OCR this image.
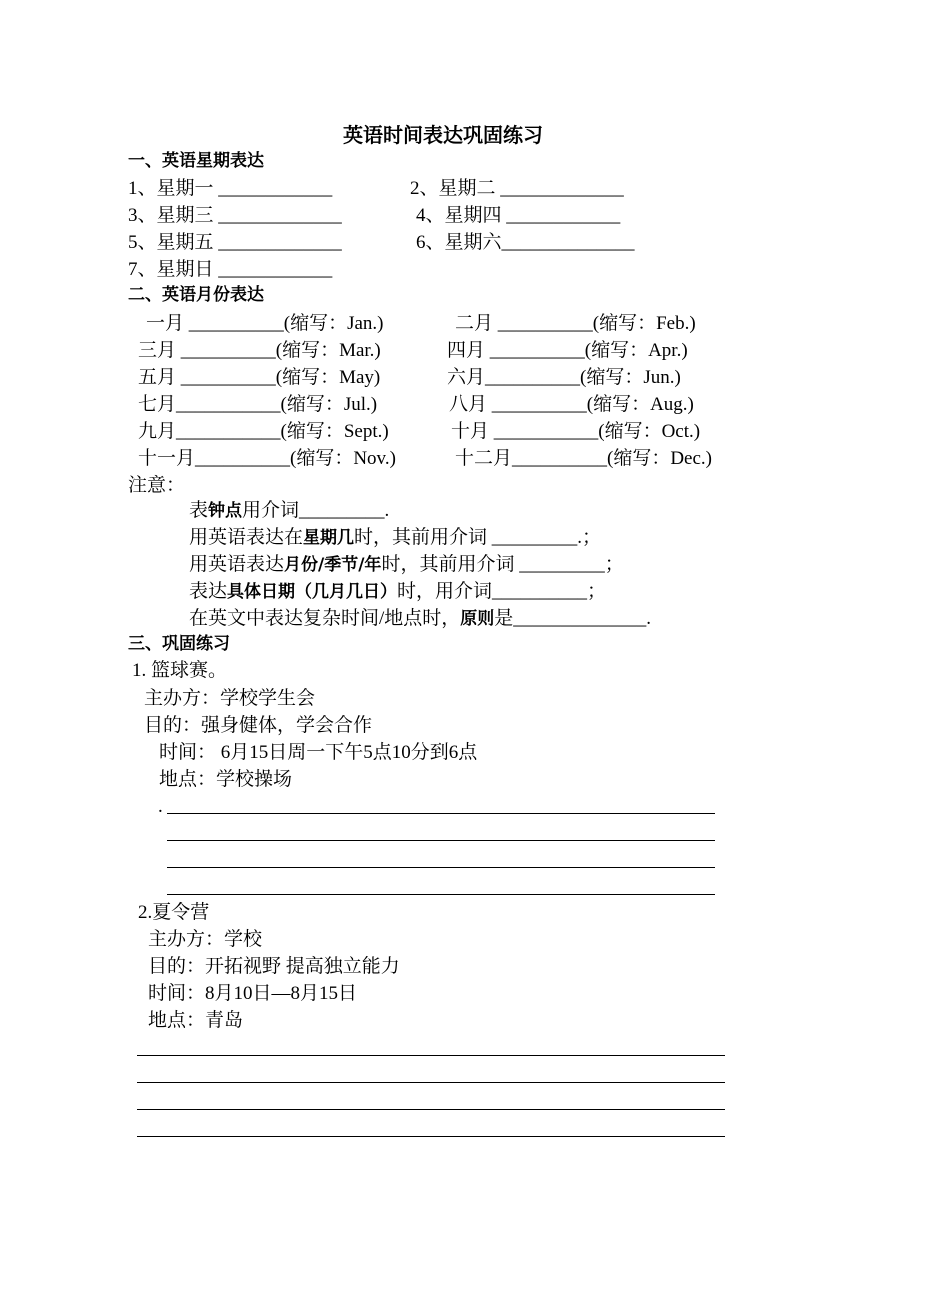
英语时间表达巩固练习
一、英语星期表达
1、星期一 ____________	2、星期二 _____________
3、星期三 _____________	4、星期四 ____________
5、星期五 _____________	6、星期六______________
7、星期日 ____________
二、英语月份表达
一月 __________(缩写：Jan.)	二月 __________(缩写：Feb.)
三月 __________(缩写：Mar.)	四月 __________(缩写：Apr.)
五月 __________(缩写：May)	六月__________(缩写：Jun.)
七月___________(缩写：Jul.)	八月 __________(缩写：Aug.)
九月___________(缩写：Sept.)	十月 ___________(缩写：Oct.)
十一月__________(缩写：Nov.)	十二月__________(缩写：Dec.)
注意：
表钟点用介词_________.
用英语表达在星期几时，其前用介词 _________.；
用英语表达月份/季节/年时，其前用介词 _________；
表达具体日期（几月几日）时，用介词__________；
在英文中表达复杂时间/地点时，原则是______________.
三、巩固练习
1. 篮球赛。
主办方：学校学生会
目的：强身健体，学会合作
时间： 6月15日周一下午5点10分到6点
地点：学校操场
.
2.夏令营
主办方：学校
目的：开拓视野 提高独立能力
时间：8月10日—8月15日
地点：青岛
